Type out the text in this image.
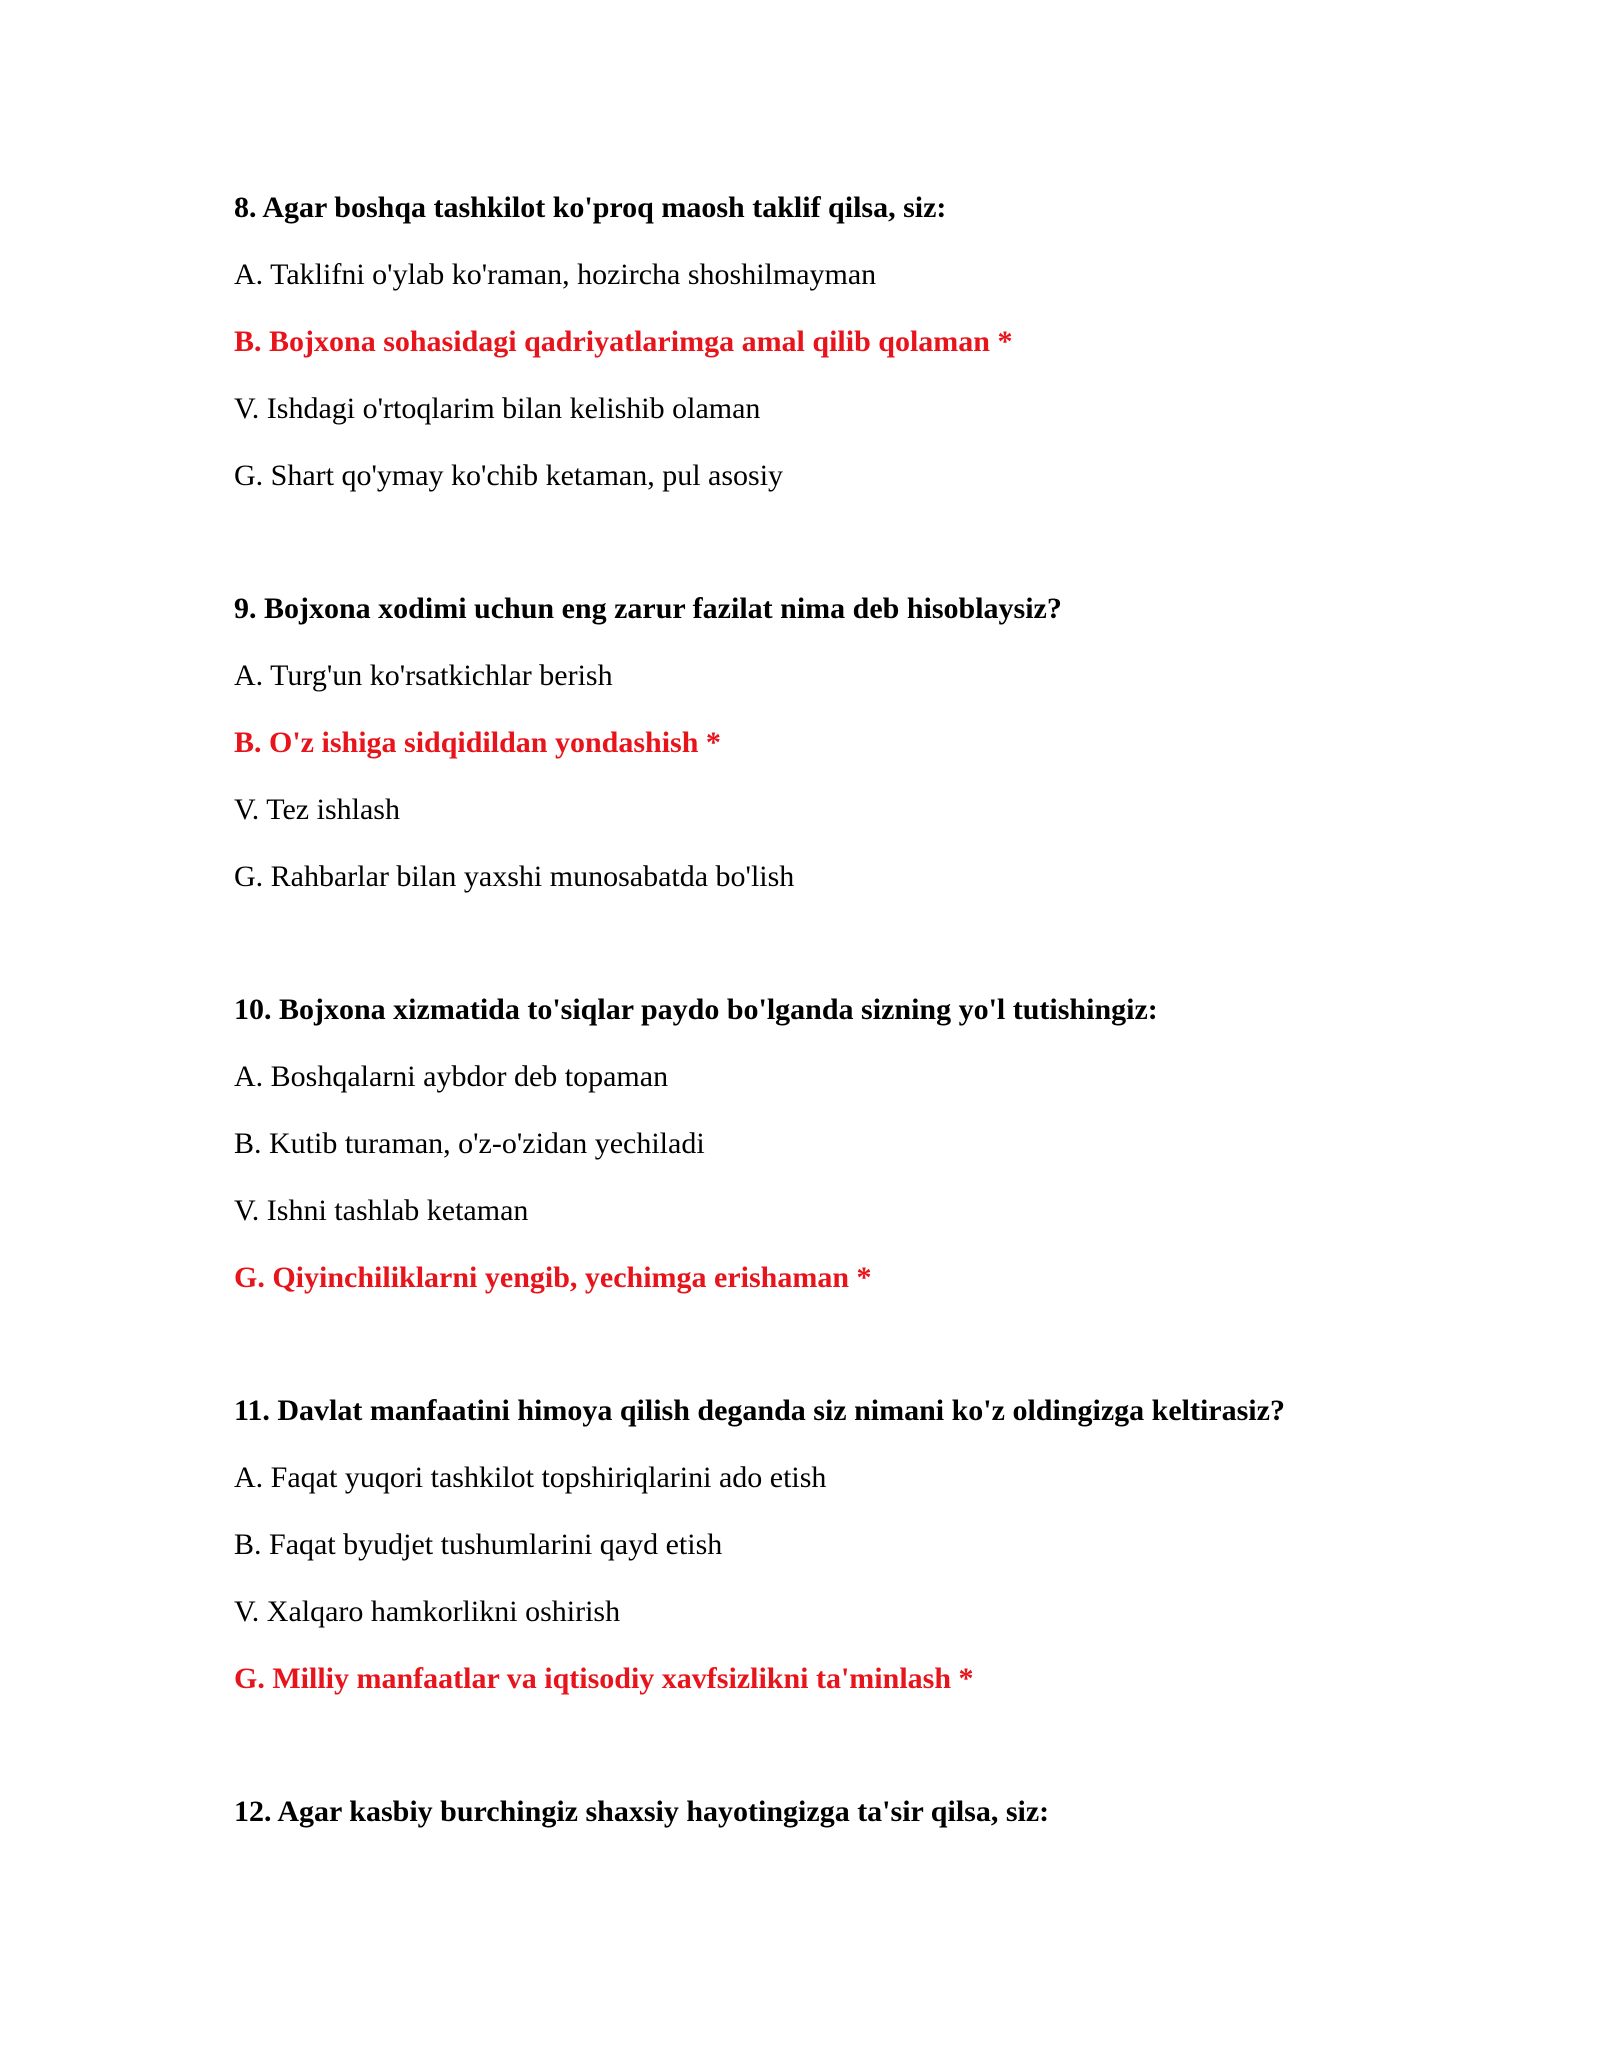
8. Agar boshqa tashkilot ko'proq maosh taklif qilsa, siz:

A. Taklifni o'ylab ko'raman, hozircha shoshilmayman

B. Bojxona sohasidagi qadriyatlarimga amal qilib qolaman *

V. Ishdagi o'rtoqlarim bilan kelishib olaman

G. Shart qo'ymay ko'chib ketaman, pul asosiy

9. Bojxona xodimi uchun eng zarur fazilat nima deb hisoblaysiz?

A. Turg'un ko'rsatkichlar berish

B. O'z ishiga sidqidildan yondashish *

V. Tez ishlash

G. Rahbarlar bilan yaxshi munosabatda bo'lish

10. Bojxona xizmatida to'siqlar paydo bo'lganda sizning yo'l tutishingiz:

A. Boshqalarni aybdor deb topaman

B. Kutib turaman, o'z-o'zidan yechiladi

V. Ishni tashlab ketaman

G. Qiyinchiliklarni yengib, yechimga erishaman *

11. Davlat manfaatini himoya qilish deganda siz nimani ko'z oldingizga keltirasiz?

A. Faqat yuqori tashkilot topshiriqlarini ado etish

B. Faqat byudjet tushumlarini qayd etish

V. Xalqaro hamkorlikni oshirish

G. Milliy manfaatlar va iqtisodiy xavfsizlikni ta'minlash *

12. Agar kasbiy burchingiz shaxsiy hayotingizga ta'sir qilsa, siz:
